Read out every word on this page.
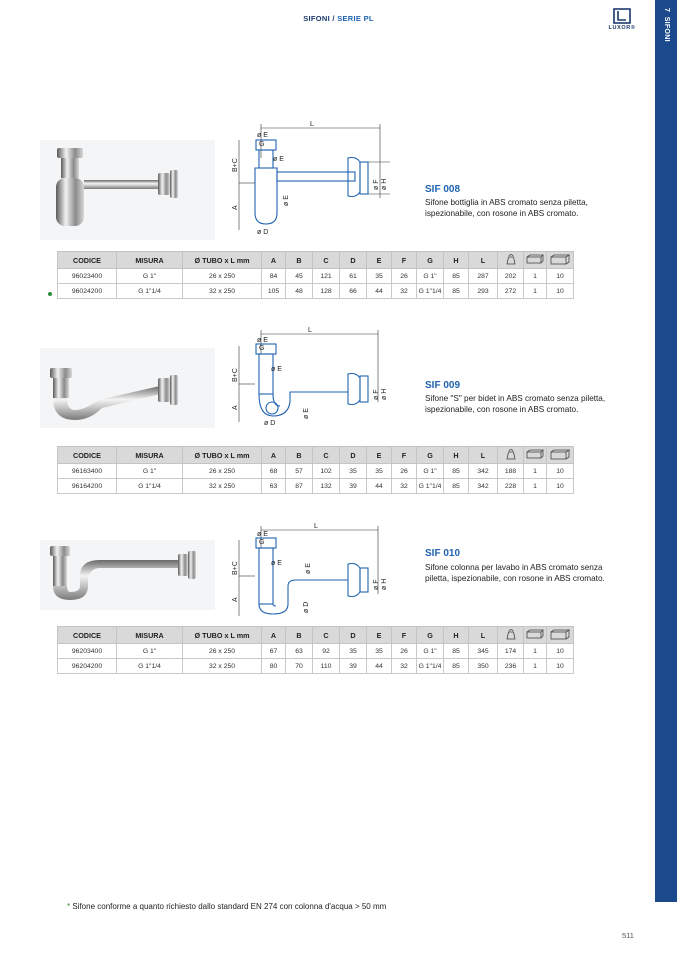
SIFONI / SERIE PL
LUXOR®
7  SIFONI
L
ø E
G
ø E
ø D
B+C
A
ø E
ø F ø H	SIF 008
Sifone bottiglia in ABS cromato senza piletta, ispezionabile, con rosone in ABS cromato.
CODICE	MISURA	Ø TUBO x L mm	A	B	C	D	E	F	G	H	L			
96023400	G 1"	26 x 250	84	45	121	61	35	26	G 1"	85	287	202	1	10
96024200	G 1"1/4	32 x 250	105	48	128	66	44	32	G 1"1/4	85	293	272	1	10
L
ø E
G
ø E
ø D
B+C
A
ø E
ø F ø H
SIF 009
Sifone "S" per bidet in ABS cromato senza piletta, ispezionabile, con rosone in ABS cromato.
CODICE	MISURA	Ø TUBO x L mm	A	B	C	D	E	F	G	H	L			
96163400	G 1"	26 x 250	68	57	102	35	35	26	G 1"	85	342	188	1	10
96164200	G 1"1/4	32 x 250	63	87	132	39	44	32	G 1"1/4	85	342	228	1	10
L
ø E
G
ø E	ø E
ø D
B+C
A
ø F ø H
SIF 010
Sifone colonna per lavabo in ABS cromato senza piletta, ispezionabile, con rosone in ABS cromato.
CODICE	MISURA	Ø TUBO x L mm	A	B	C	D	E	F	G	H	L			
96203400	G 1"	26 x 250	67	63	92	35	35	26	G 1"	85	345	174	1	10
96204200	G 1"1/4	32 x 250	80	70	110	39	44	32	G 1"1/4	85	350	236	1	10
* Sifone conforme a quanto richiesto dallo standard EN 274 con colonna d'acqua > 50 mm
511
